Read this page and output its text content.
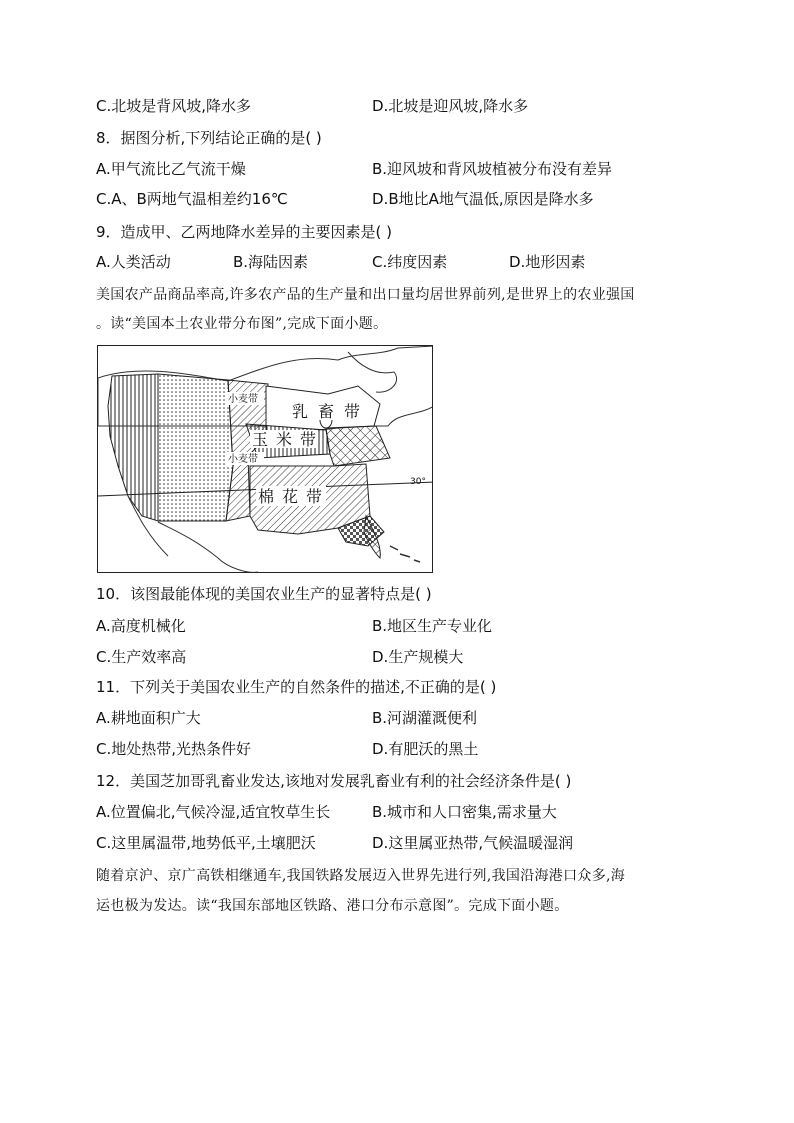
C.北坡是背风坡,降水多	D.北坡是迎风坡,降水多
8．据图分析,下列结论正确的是( )
A.甲气流比乙气流干燥	B.迎风坡和背风坡植被分布没有差异
C.A、B两地气温相差约16℃	D.B地比A地气温低,原因是降水多
9．造成甲、乙两地降水差异的主要因素是( )
A.人类活动	B.海陆因素	C.纬度因素	D.地形因素
美国农产品商品率高,许多农产品的生产量和出口量均居世界前列,是世界上的农业强国
。读“美国本土农业带分布图”,完成下面小题。
乳畜带
玉米带
棉花带
小麦带
小麦带
30°
10．该图最能体现的美国农业生产的显著特点是( )
A.高度机械化	B.地区生产专业化
C.生产效率高	D.生产规模大
11．下列关于美国农业生产的自然条件的描述,不正确的是( )
A.耕地面积广大	B.河湖灌溉便利
C.地处热带,光热条件好	D.有肥沃的黑土
12．美国芝加哥乳畜业发达,该地对发展乳畜业有利的社会经济条件是( )
A.位置偏北,气候冷湿,适宜牧草生长	B.城市和人口密集,需求量大
C.这里属温带,地势低平,土壤肥沃	D.这里属亚热带,气候温暖湿润
随着京沪、京广高铁相继通车,我国铁路发展迈入世界先进行列,我国沿海港口众多,海
运也极为发达。读“我国东部地区铁路、港口分布示意图”。完成下面小题。
